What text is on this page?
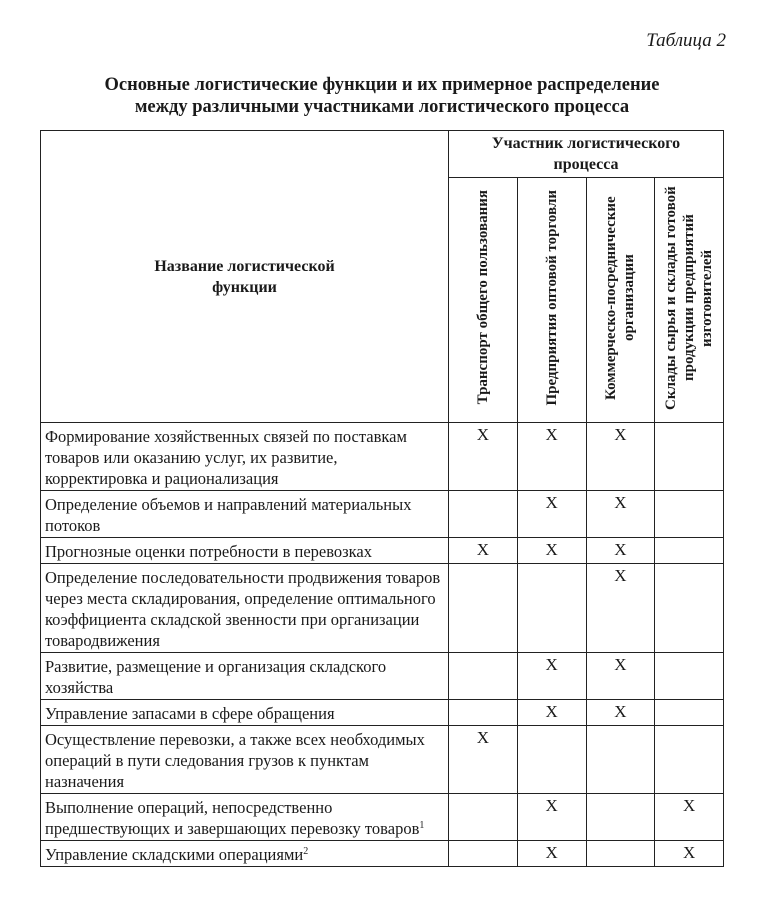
Таблица 2
Основные логистические функции и их примерное распределение
между различными участниками логистического процесса
Название логистической функции	Участник логистического процесса			

	Транспорт общего пользования	Предприятия оптовой торговли	Коммерческо-посреднические организации	Склады сырья и склады готовой продукции предприятий изготовителей
Формирование хозяйственных связей по поставкам товаров или оказанию услуг, их развитие, корректировка и рационализация	X	X	X	
Определение объемов и направлений материальных потоков		X	X	
Прогнозные оценки потребности в перевозках	X	X	X	
Определение последовательности продвижения товаров через места складирования, определение оптимального коэффициента складской звенности при организации товародвижения			X	
Развитие, размещение и организация складского хозяйства		X	X	
Управление запасами в сфере обращения		X	X	
Осуществление перевозки, а также всех необходимых операций в пути следования грузов к пунктам назначения	X			
Выполнение операций, непосредственно предшествующих и завершающих перевозку товаров$^1$		X		X
Управление складскими операциями$^2$		X		X
